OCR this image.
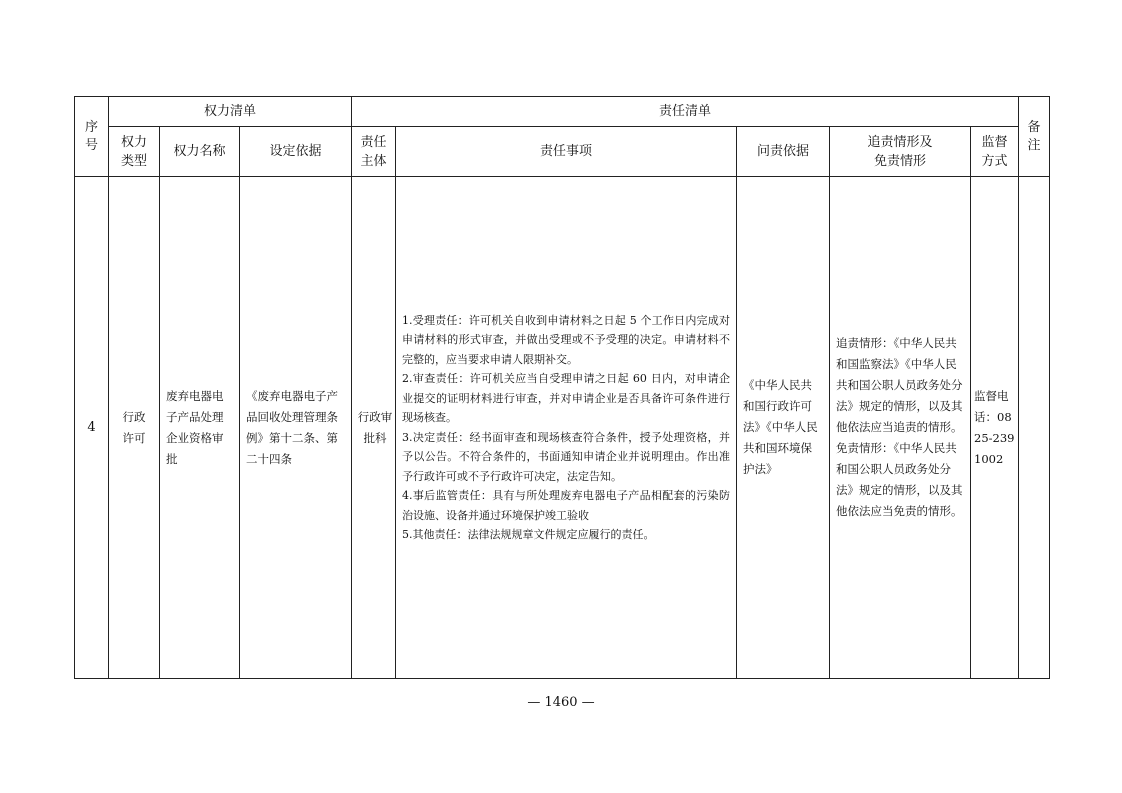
序号	权力清单			责任清单					备注
	权力类型	权力名称	设定依据	责任主体	责任事项	问责依据	追责情形及免责情形	监督方式	
4	行政许可	废弃电器电子产品处理企业资格审批	《废弃电器电子产品回收处理管理条例》第十二条、第二十四条	行政审批科	1.受理责任：许可机关自收到申请材料之日起 5 个工作日内完成对申请材料的形式审查，并做出受理或不予受理的决定。申请材料不完整的，应当要求申请人限期补交。

2.审查责任：许可机关应当自受理申请之日起 60 日内，对申请企业提交的证明材料进行审查，并对申请企业是否具备许可条件进行现场核查。

3.决定责任：经书面审查和现场核查符合条件，授予处理资格，并予以公告。不符合条件的，书面通知申请企业并说明理由。作出准予行政许可或不予行政许可决定，法定告知。

4.事后监管责任：具有与所处理废弃电器电子产品相配套的污染防治设施、设备并通过环境保护竣工验收

5.其他责任：法律法规规章文件规定应履行的责任。	《中华人民共和国行政许可法》《中华人民共和国环境保护法》	追责情形：《中华人民共和国监察法》《中华人民共和国公职人员政务处分法》规定的情形，以及其他依法应当追责的情形。免责情形：《中华人民共和国公职人员政务处分法》规定的情形，以及其他依法应当免责的情形。	监督电话：0825-2391002	
— 1460 —
